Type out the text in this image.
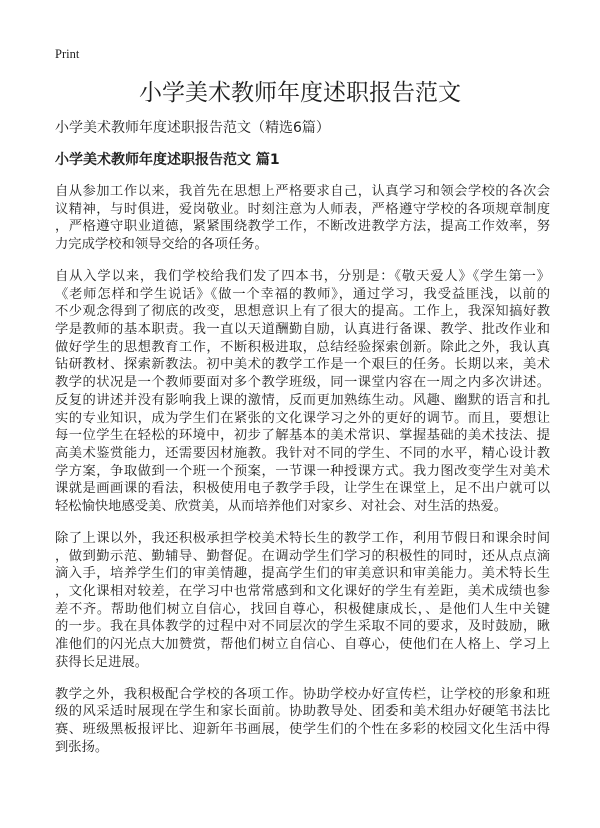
Print
小学美术教师年度述职报告范文
小学美术教师年度述职报告范文（精选6篇）
小学美术教师年度述职报告范文 篇1
自从参加工作以来，我首先在思想上严格要求自己，认真学习和领会学校的各次会
议精神，与时俱进，爱岗敬业。时刻注意为人师表，严格遵守学校的各项规章制度
，严格遵守职业道德，紧紧围绕教学工作，不断改进教学方法，提高工作效率，努
力完成学校和领导交给的各项任务。
自从入学以来，我们学校给我们发了四本书，分别是：《敬天爱人》《学生第一》
《老师怎样和学生说话》《做一个幸福的教师》，通过学习，我受益匪浅，以前的
不少观念得到了彻底的改变，思想意识上有了很大的提高。工作上，我深知搞好教
学是教师的基本职责。我一直以天道酬勤自励，认真进行备课、教学、批改作业和
做好学生的思想教育工作，不断积极进取，总结经验探索创新。除此之外，我认真
钻研教材、探索新教法。初中美术的教学工作是一个艰巨的任务。长期以来，美术
教学的状况是一个教师要面对多个教学班级，同一课堂内容在一周之内多次讲述。
反复的讲述并没有影响我上课的激情，反而更加熟练生动。风趣、幽默的语言和扎
实的专业知识，成为学生们在紧张的文化课学习之外的更好的调节。而且，要想让
每一位学生在轻松的环境中，初步了解基本的美术常识、掌握基础的美术技法、提
高美术鉴赏能力，还需要因材施教。我针对不同的学生、不同的水平，精心设计教
学方案，争取做到一个班一个预案，一节课一种授课方式。我力图改变学生对美术
课就是画画课的看法，积极使用电子教学手段，让学生在课堂上，足不出户就可以
轻松愉快地感受美、欣赏美，从而培养他们对家乡、对社会、对生活的热爱。
除了上课以外，我还积极承担学校美术特长生的教学工作，利用节假日和课余时间
，做到勤示范、勤辅导、勤督促。在调动学生们学习的积极性的同时，还从点点滴
滴入手，培养学生们的审美情趣，提高学生们的审美意识和审美能力。美术特长生
，文化课相对较差，在学习中也常常感到和文化课好的学生有差距，美术成绩也参
差不齐。帮助他们树立自信心，找回自尊心，积极健康成长，、是他们人生中关键
的一步。我在具体教学的过程中对不同层次的学生采取不同的要求，及时鼓励，瞅
准他们的闪光点大加赞赏，帮他们树立自信心、自尊心，使他们在人格上、学习上
获得长足进展。
教学之外，我积极配合学校的各项工作。协助学校办好宣传栏，让学校的形象和班
级的风采适时展现在学生和家长面前。协助教导处、团委和美术组办好硬笔书法比
赛、班级黑板报评比、迎新年书画展，使学生们的个性在多彩的校园文化生活中得
到张扬。
